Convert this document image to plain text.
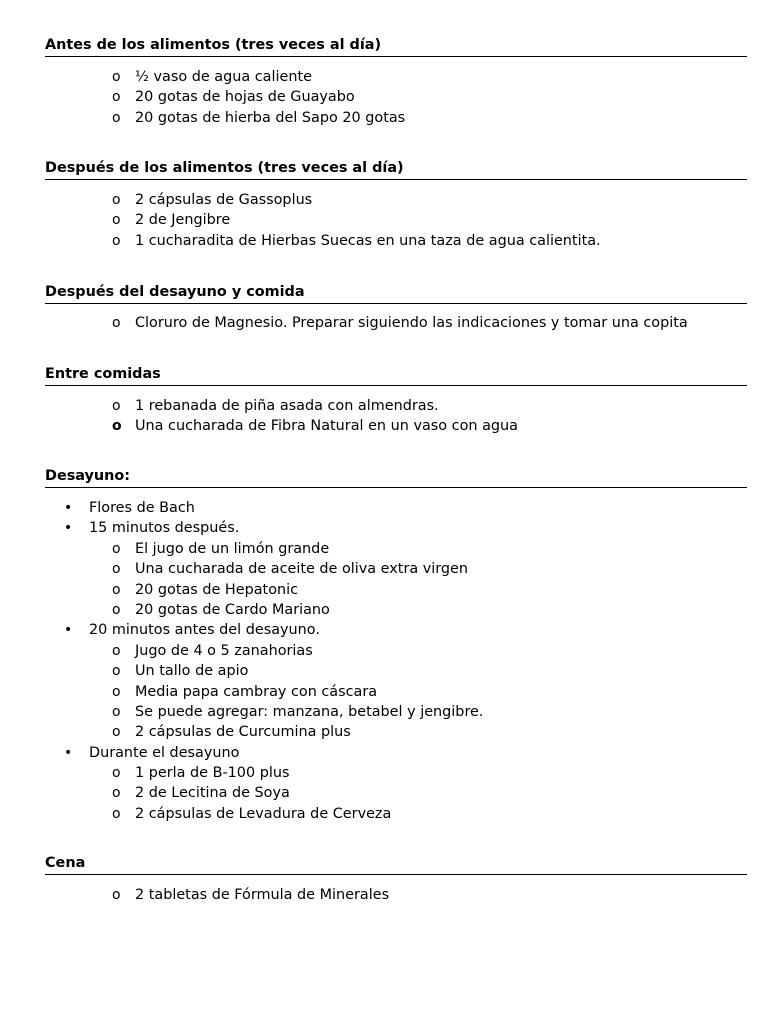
Antes de los alimentos (tres veces al día)
o	½ vaso de agua caliente
o	20 gotas de hojas de Guayabo
o	20 gotas de hierba del Sapo 20 gotas
Después de los alimentos (tres veces al día)
o	2 cápsulas de Gassoplus
o	2 de Jengibre
o	1 cucharadita de Hierbas Suecas en una taza de agua calientita.
Después del desayuno y comida
o	Cloruro de Magnesio. Preparar siguiendo las indicaciones y tomar una copita
Entre comidas
o	1 rebanada de piña asada con almendras.
o Una cucharada de Fibra Natural en un vaso con agua
Desayuno:
• Flores de Bach
• 15 minutos después.
o	El jugo de un limón grande
o	Una cucharada de aceite de oliva extra virgen
o	20 gotas de Hepatonic
o	20 gotas de Cardo Mariano
• 20 minutos antes del desayuno.
o	Jugo de 4 o 5 zanahorias
o	Un tallo de apio
o	Media papa cambray con cáscara
o	Se puede agregar: manzana, betabel y jengibre.
o	2 cápsulas de Curcumina plus
• Durante el desayuno
o	1 perla de B-100 plus
o	2 de Lecitina de Soya
o	2 cápsulas de Levadura de Cerveza
Cena
o	2 tabletas de Fórmula de Minerales
